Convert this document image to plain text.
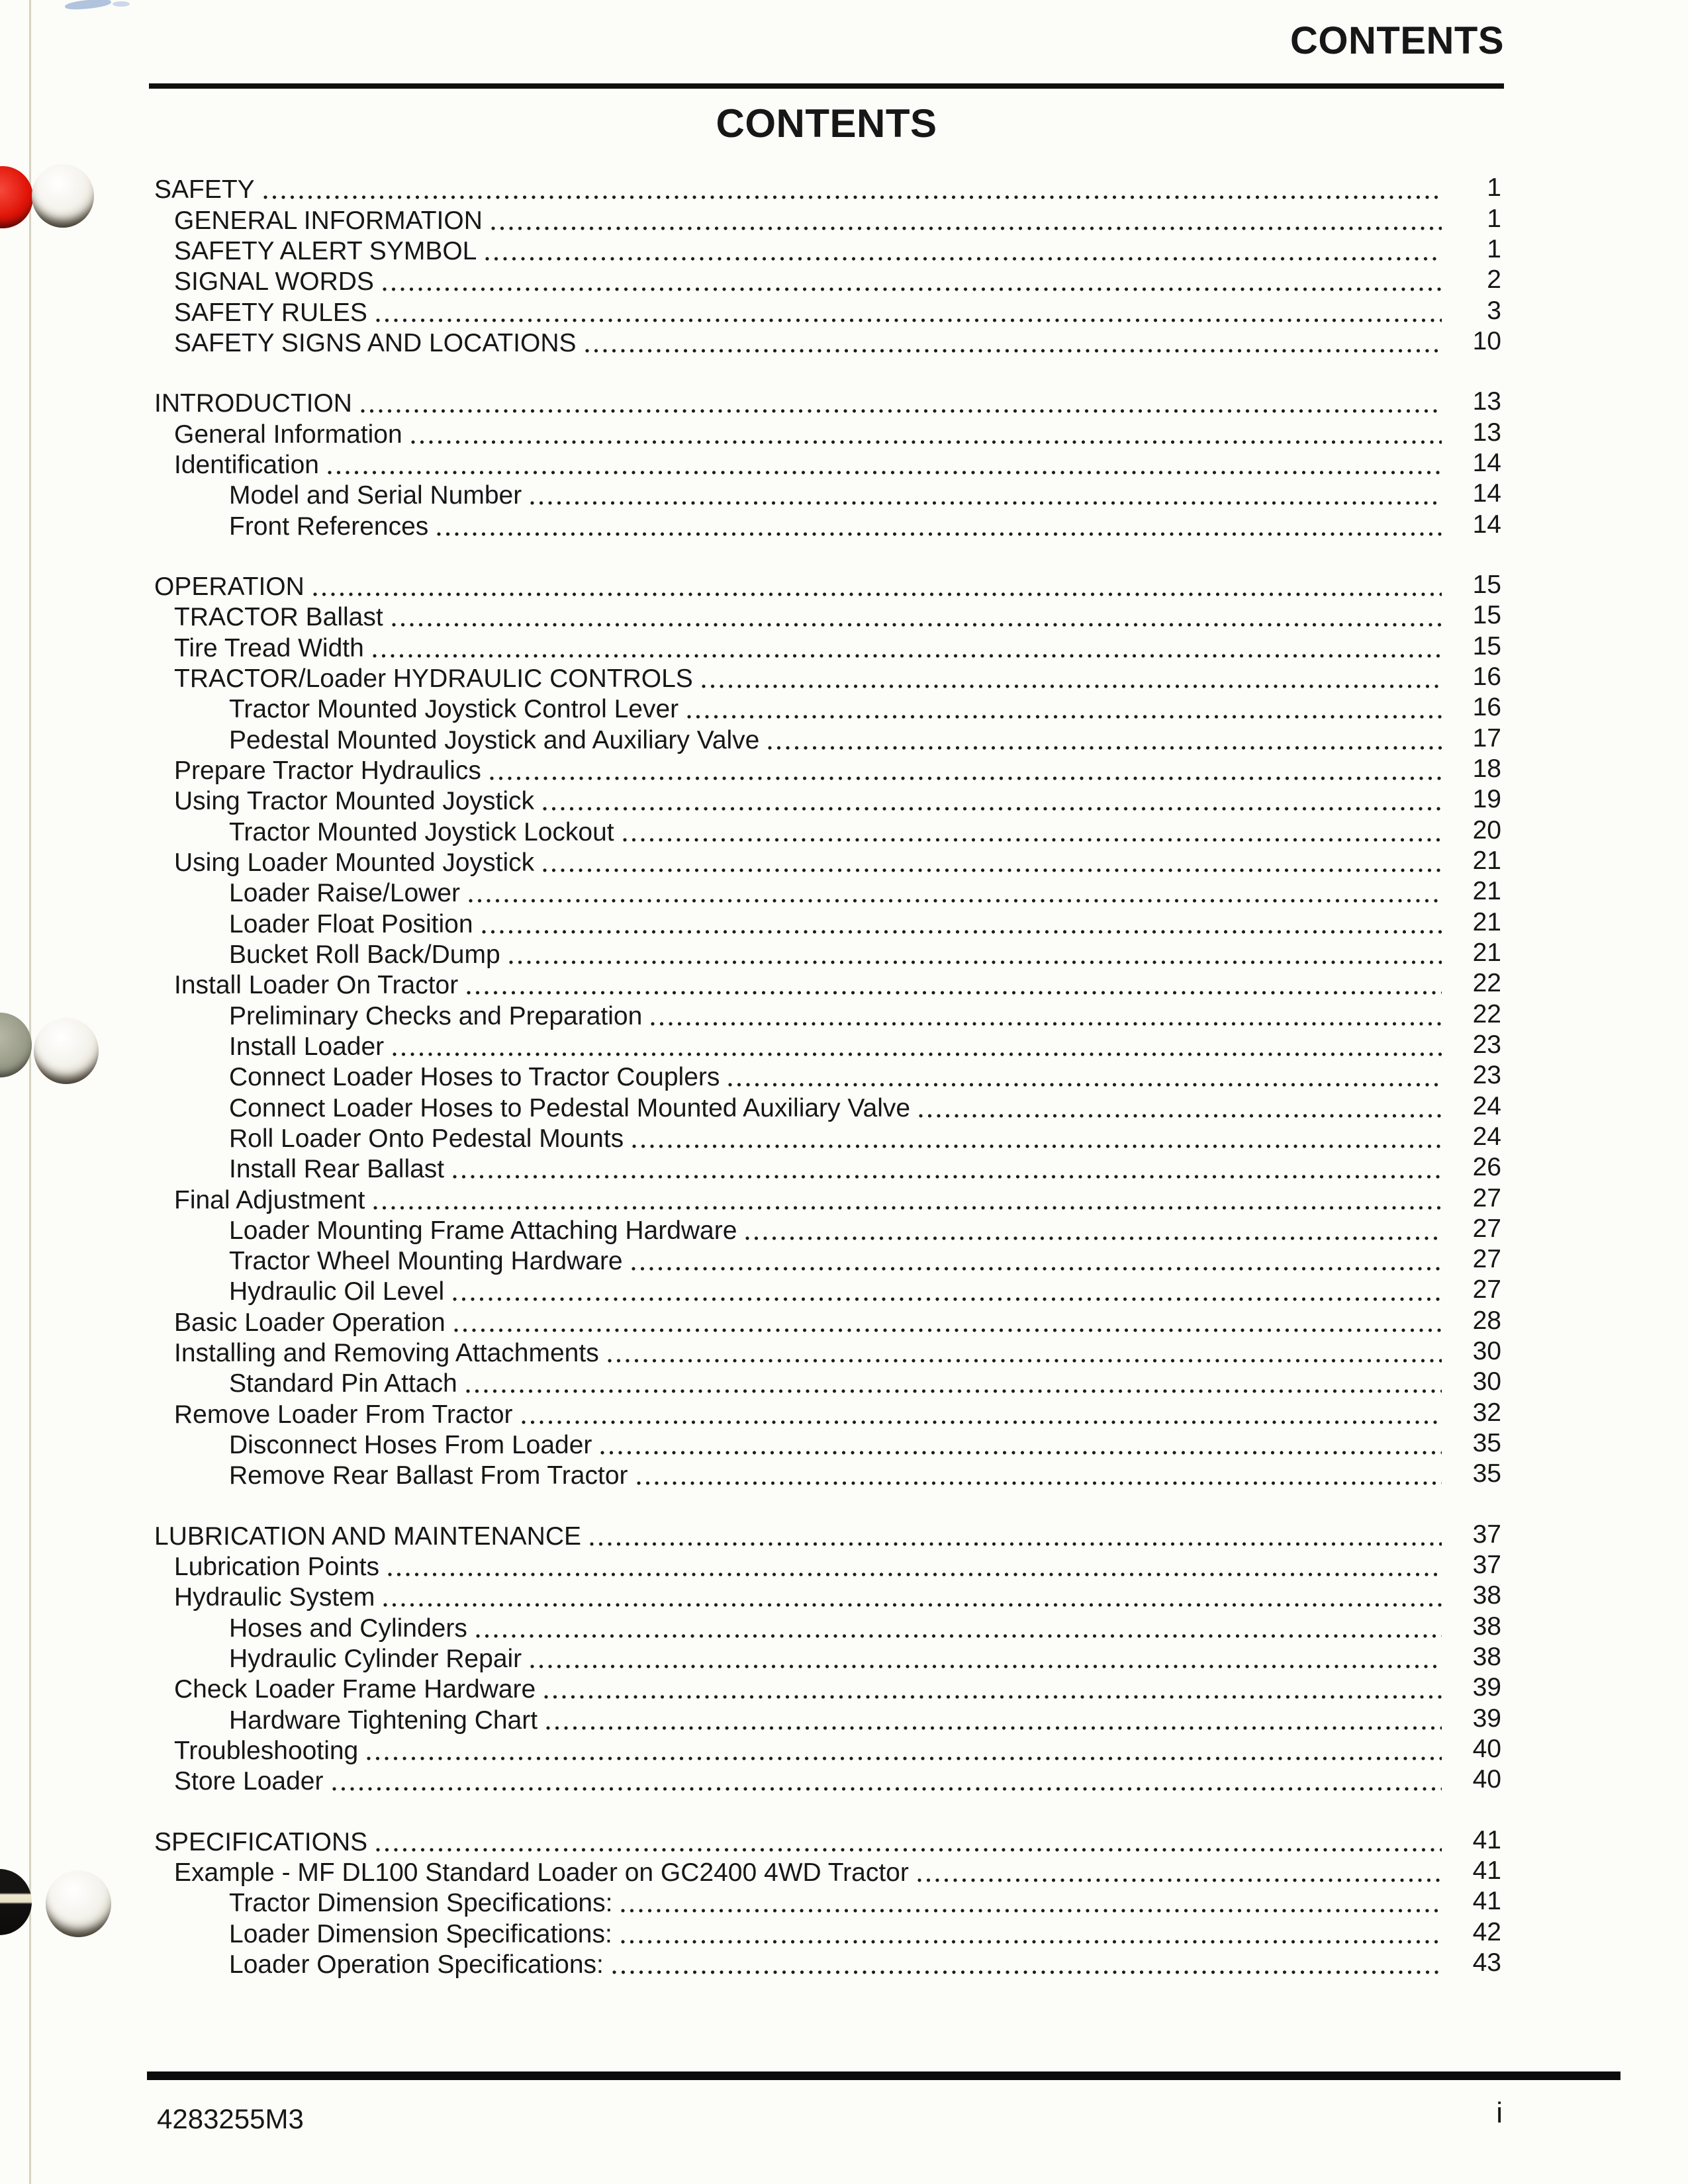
CONTENTS
CONTENTS
SAFETY	1
GENERAL INFORMATION	1
SAFETY ALERT SYMBOL	1
SIGNAL WORDS	2
SAFETY RULES	3
SAFETY SIGNS AND LOCATIONS	10
INTRODUCTION	13
General Information	13
Identification	14
Model and Serial Number	14
Front References	14
OPERATION	15
TRACTOR Ballast	15
Tire Tread Width	15
TRACTOR/Loader HYDRAULIC CONTROLS	16
Tractor Mounted Joystick Control Lever	16
Pedestal Mounted Joystick and Auxiliary Valve	17
Prepare Tractor Hydraulics	18
Using Tractor Mounted Joystick	19
Tractor Mounted Joystick Lockout	20
Using Loader Mounted Joystick	21
Loader Raise/Lower	21
Loader Float Position	21
Bucket Roll Back/Dump	21
Install Loader On Tractor	22
Preliminary Checks and Preparation	22
Install Loader	23
Connect Loader Hoses to Tractor Couplers	23
Connect Loader Hoses to Pedestal Mounted Auxiliary Valve	24
Roll Loader Onto Pedestal Mounts	24
Install Rear Ballast	26
Final Adjustment	27
Loader Mounting Frame Attaching Hardware	27
Tractor Wheel Mounting Hardware	27
Hydraulic Oil Level	27
Basic Loader Operation	28
Installing and Removing Attachments	30
Standard Pin Attach	30
Remove Loader From Tractor	32
Disconnect Hoses From Loader	35
Remove Rear Ballast From Tractor	35
LUBRICATION AND MAINTENANCE	37
Lubrication Points	37
Hydraulic System	38
Hoses and Cylinders	38
Hydraulic Cylinder Repair	38
Check Loader Frame Hardware	39
Hardware Tightening Chart	39
Troubleshooting	40
Store Loader	40
SPECIFICATIONS	41
Example - MF DL100 Standard Loader on GC2400 4WD Tractor	41
Tractor Dimension Specifications:	41
Loader Dimension Specifications:	42
Loader Operation Specifications:	43
4283255M3	i
